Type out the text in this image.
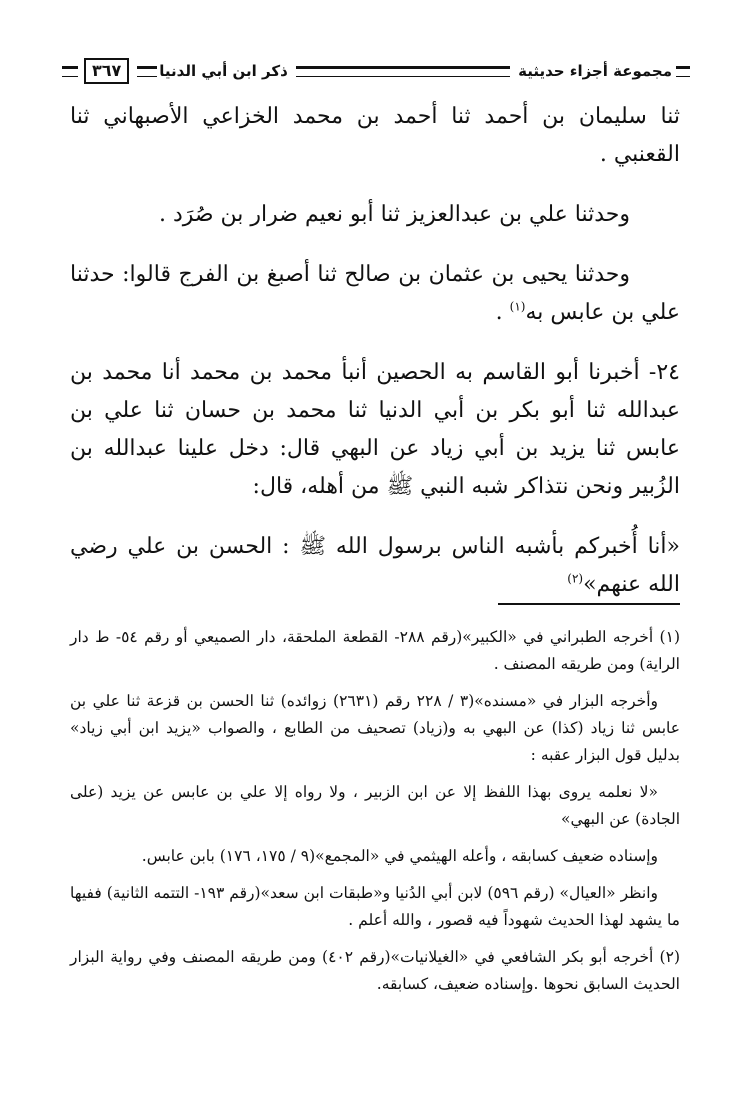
مجموعة أجزاء حديثية
ذكر ابن أبي الدنيا
٣٦٧

ثنا سليمان بن أحمد ثنا أحمد بن محمد الخزاعي الأصبهاني ثنا القعنبي .

وحدثنا علي بن عبدالعزيز ثنا أبو نعيم ضرار بن صُرَد .

وحدثنا يحيى بن عثمان بن صالح ثنا أصبغ بن الفرج قالوا: حدثنا علي بن عابس به$^{(١)}$ .

٢٤- أخبرنا أبو القاسم به الحصين أنبأ محمد بن محمد أنا محمد بن عبدالله ثنا أبو بكر بن أبي الدنيا ثنا محمد بن حسان ثنا علي بن عابس ثنا يزيد بن أبي زياد عن البهي قال: دخل علينا عبدالله بن الزُبير ونحن نتذاكر شبه النبي ﷺ من أهله، قال:

«أنا أُخبركم بأشبه الناس برسول الله ﷺ : الحسن بن علي رضي الله عنهم»$^{(٢)}$

(١) أخرجه الطبراني في «الكبير»(رقم ٢٨٨- القطعة الملحقة، دار الصميعي أو رقم ٥٤- ط دار الراية) ومن طريقه المصنف .

وأخرجه البزار في «مسنده»(٣ / ٢٢٨ رقم (٢٦٣١) زوائده) ثنا الحسن بن قزعة ثنا علي بن عابس ثنا زياد (كذا) عن البهي به و(زياد) تصحيف من الطابع ، والصواب «يزيد ابن أبي زياد» بدليل قول البزار عقبه :

«لا نعلمه يروى بهذا اللفظ إلا عن ابن الزبير ، ولا رواه إلا علي بن عابس عن يزيد (على الجادة) عن البهي»

وإسناده ضعيف كسابقه ، وأعله الهيثمي في «المجمع»(٩ / ١٧٥، ١٧٦) بابن عابس.

وانظر «العيال» (رقم ٥٩٦) لابن أبي الدُنيا و«طبقات ابن سعد»(رقم ١٩٣- التتمه الثانية) ففيها ما يشهد لهذا الحديث شهوداً فيه قصور ، والله أعلم .

(٢) أخرجه أبو بكر الشافعي في «الغيلانيات»(رقم ٤٠٢) ومن طريقه المصنف وفي رواية البزار الحديث السابق نحوها .وإسناده ضعيف، كسابقه.
